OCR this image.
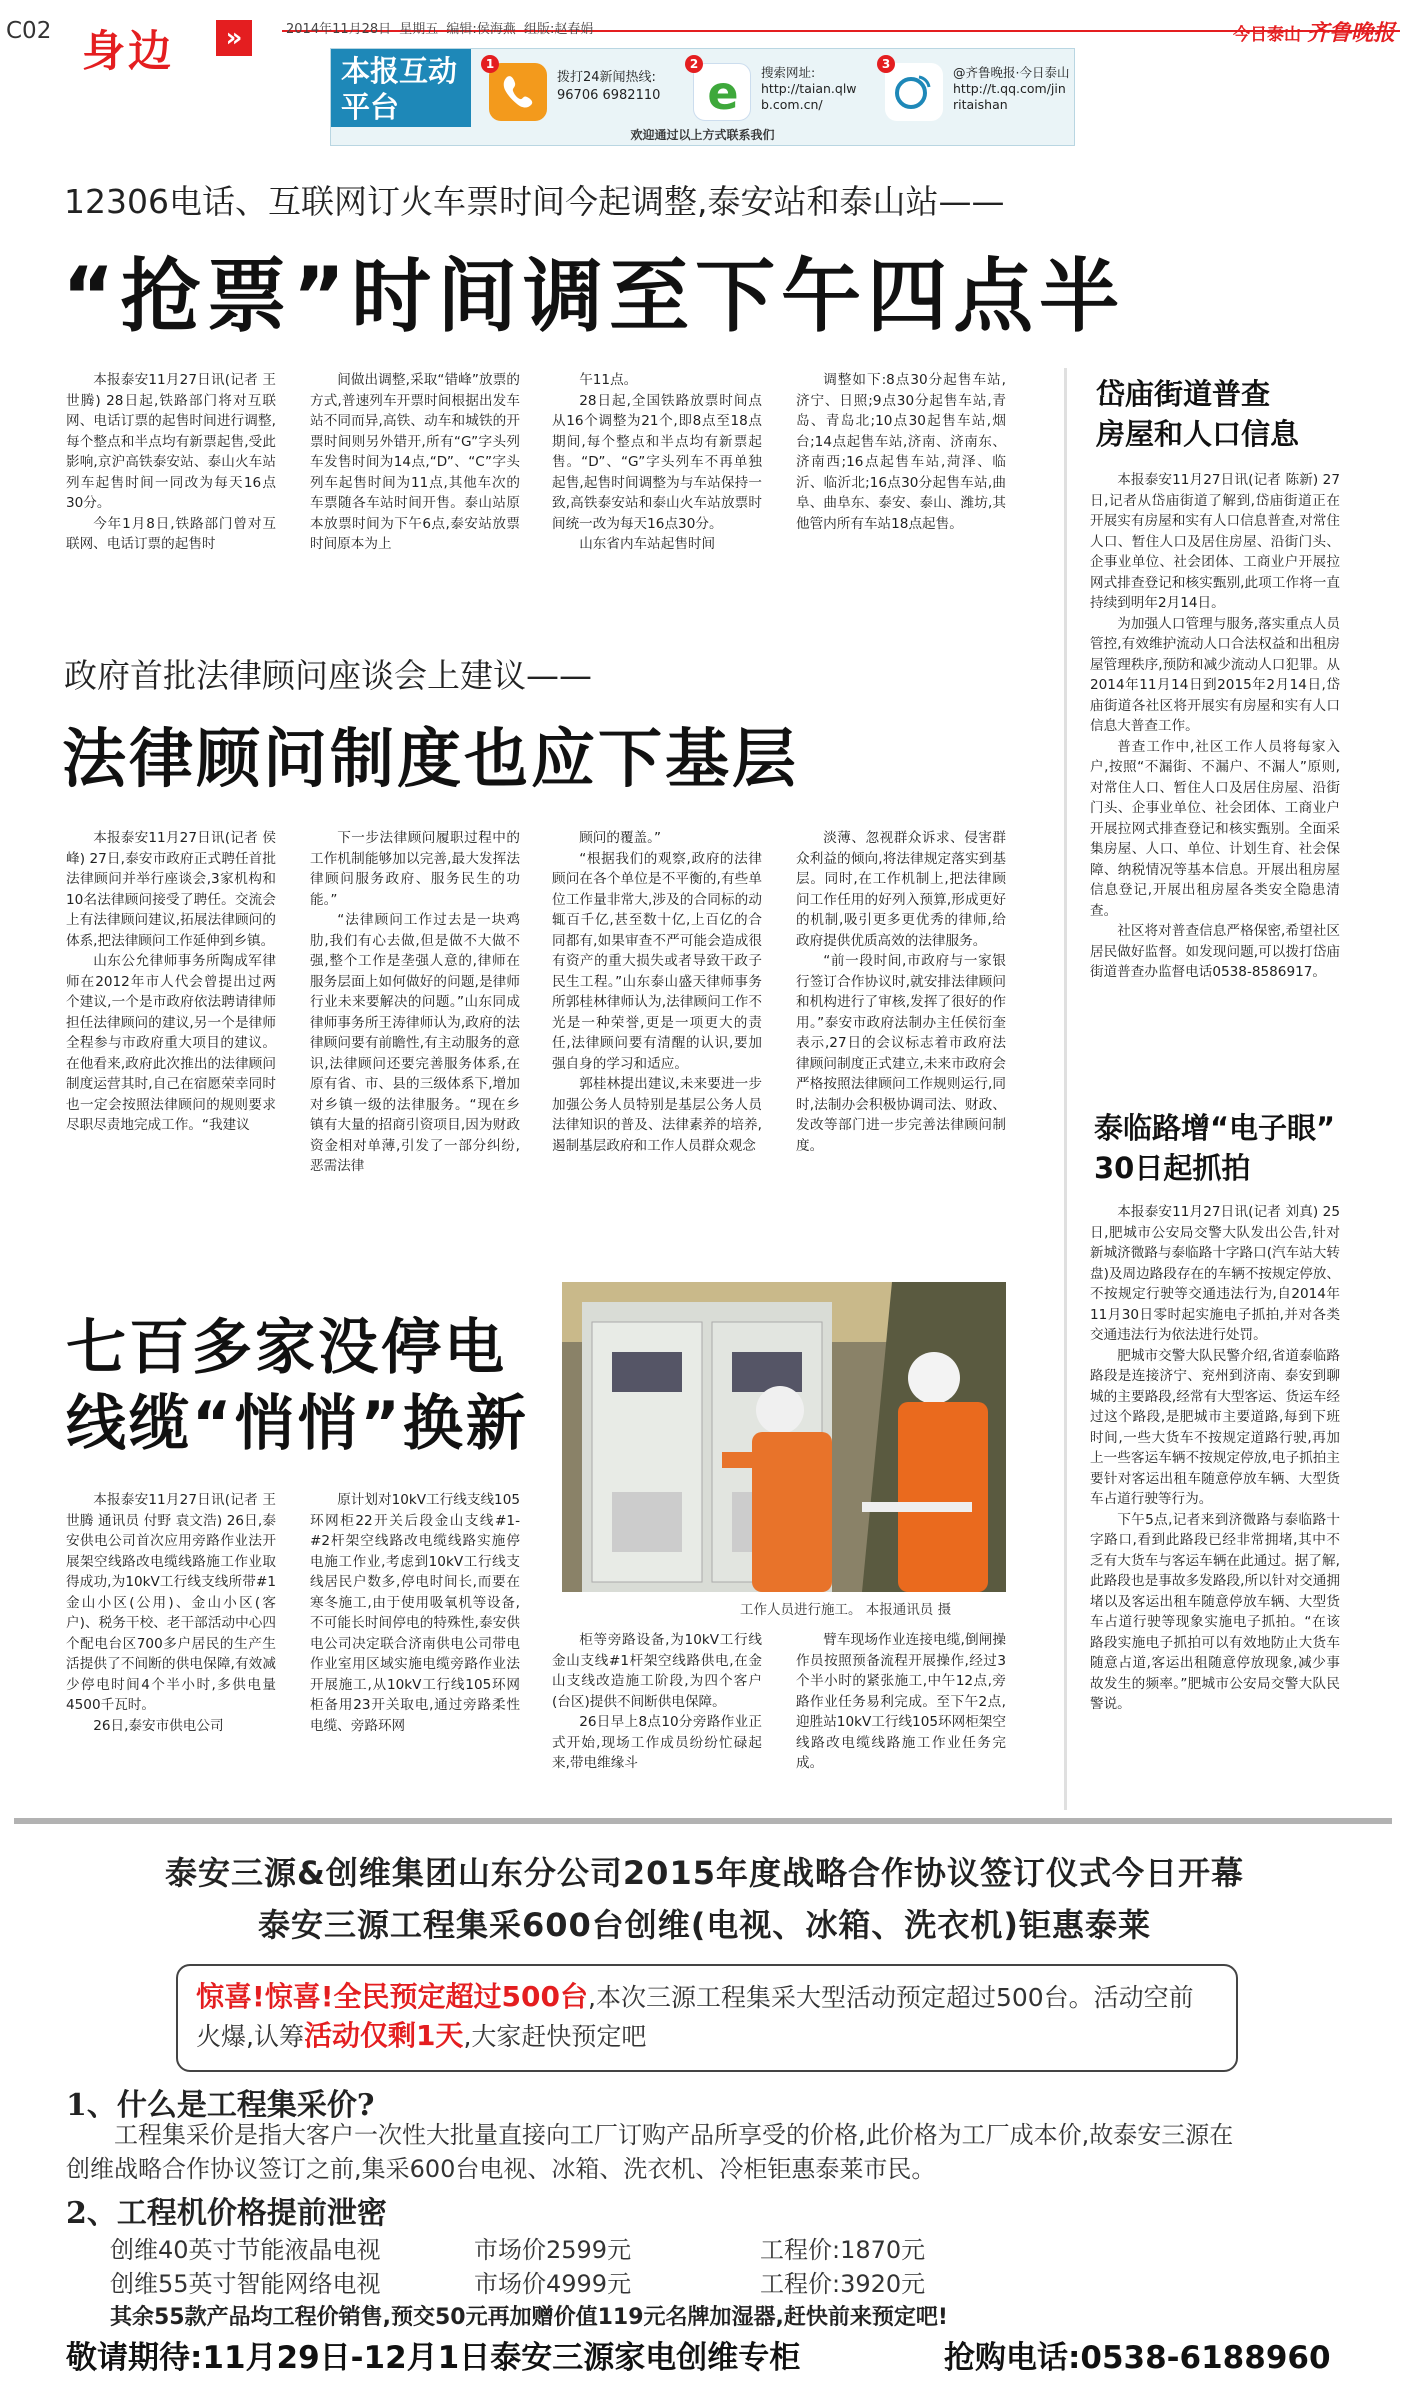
C02 身边	»	2014年11月28日 星期五 编辑:侯海燕 组版:赵春娟	今日泰山 齐鲁晚报
本报互动平台
1
拨打24新闻热线:
96706 6982110 e
2
搜索网址:
http://taian.qlw
b.com.cn/
3
@齐鲁晚报·今日泰山
http://t.qq.com/jin
ritaishan
欢迎通过以上方式联系我们
12306电话、互联网订火车票时间今起调整,泰安站和泰山站——
“抢票”时间调至下午四点半

本报泰安11月27日讯(记者 王世腾) 28日起,铁路部门将对互联网、电话订票的起售时间进行调整,每个整点和半点均有新票起售,受此影响,京沪高铁泰安站、泰山火车站列车起售时间一同改为每天16点30分。

今年1月8日,铁路部门曾对互联网、电话订票的起售时

间做出调整,采取“错峰”放票的方式,普速列车开票时间根据出发车站不同而异,高铁、动车和城铁的开票时间则另外错开,所有“G”字头列车发售时间为14点,“D”、“C”字头列车起售时间为11点,其他车次的车票随各车站时间开售。泰山站原本放票时间为下午6点,泰安站放票时间原本为上

午11点。

28日起,全国铁路放票时间点从16个调整为21个,即8点至18点期间,每个整点和半点均有新票起售。“D”、“G”字头列车不再单独起售,起售时间调整为与车站保持一致,高铁泰安站和泰山火车站放票时间统一改为每天16点30分。

山东省内车站起售时间

调整如下:8点30分起售车站,济宁、日照;9点30分起售车站,青岛、青岛北;10点30起售车站,烟台;14点起售车站,济南、济南东、济南西;16点起售车站,菏泽、临沂、临沂北;16点30分起售车站,曲阜、曲阜东、泰安、泰山、潍坊,其他管内所有车站18点起售。

政府首批法律顾问座谈会上建议——
法律顾问制度也应下基层

本报泰安11月27日讯(记者 侯峰) 27日,泰安市政府正式聘任首批法律顾问并举行座谈会,3家机构和10名法律顾问接受了聘任。交流会上有法律顾问建议,拓展法律顾问的体系,把法律顾问工作延伸到乡镇。

山东公允律师事务所陶成军律师在2012年市人代会曾提出过两个建议,一个是市政府依法聘请律师担任法律顾问的建议,另一个是律师全程参与市政府重大项目的建议。在他看来,政府此次推出的法律顾问制度运营其时,自己在宿愿荣幸同时也一定会按照法律顾问的规则要求尽职尽责地完成工作。“我建议

下一步法律顾问履职过程中的工作机制能够加以完善,最大发挥法律顾问服务政府、服务民生的功能。”

“法律顾问工作过去是一块鸡肋,我们有心去做,但是做不大做不强,整个工作是垄强人意的,律师在服务层面上如何做好的问题,是律师行业未来要解决的问题。”山东同成律师事务所王涛律师认为,政府的法律顾问要有前瞻性,有主动服务的意识,法律顾问还要完善服务体系,在原有省、市、县的三级体系下,增加对乡镇一级的法律服务。“现在乡镇有大量的招商引资项目,因为财政资金相对单薄,引发了一部分纠纷,恶需法律

顾问的覆盖。”

“根据我们的观察,政府的法律顾问在各个单位是不平衡的,有些单位工作量非常大,涉及的合同标的动辄百千亿,甚至数十亿,上百亿的合同都有,如果审查不严可能会造成很有资产的重大损失或者导致干政子民生工程。”山东泰山盛天律师事务所郭桂林律师认为,法律顾问工作不光是一种荣誉,更是一项更大的责任,法律顾问要有清醒的认识,要加强自身的学习和适应。

郭桂林提出建议,未来要进一步加强公务人员特别是基层公务人员法律知识的普及、法律素养的培养,遏制基层政府和工作人员群众观念

淡薄、忽视群众诉求、侵害群众利益的倾向,将法律规定落实到基层。同时,在工作机制上,把法律顾问工作任用的好列入预算,形成更好的机制,吸引更多更优秀的律师,给政府提供优质高效的法律服务。

“前一段时间,市政府与一家银行签订合作协议时,就安排法律顾问和机构进行了审核,发挥了很好的作用。”泰安市政府法制办主任侯衍奎表示,27日的会议标志着市政府法律顾问制度正式建立,未来市政府会严格按照法律顾问工作规则运行,同时,法制办会积极协调司法、财政、发改等部门进一步完善法律顾问制度。

七百多家没停电
线缆“悄悄”换新
工作人员进行施工。 本报通讯员 摄

本报泰安11月27日讯(记者 王世腾 通讯员 付野 袁文浩) 26日,泰安供电公司首次应用旁路作业法开展架空线路改电缆线路施工作业取得成功,为10kV工行线支线所带#1金山小区(公用)、金山小区(客户)、税务干校、老干部活动中心四个配电台区700多户居民的生产生活提供了不间断的供电保障,有效减少停电时间4个半小时,多供电量4500千瓦时。

26日,泰安市供电公司

原计划对10kV工行线支线105环网柜22开关后段金山支线#1-#2杆架空线路改电缆线路实施停电施工作业,考虑到10kV工行线支线居民户数多,停电时间长,而要在寒冬施工,由于使用吸氧机等设备,不可能长时间停电的特殊性,泰安供电公司决定联合济南供电公司带电作业室用区域实施电缆旁路作业法开展施工,从10kV工行线105环网柜备用23开关取电,通过旁路柔性电缆、旁路环网

柜等旁路设备,为10kV工行线金山支线#1杆架空线路供电,在金山支线改造施工阶段,为四个客户(台区)提供不间断供电保障。

26日早上8点10分旁路作业正式开始,现场工作成员纷纷忙碌起来,带电维缘斗

臂车现场作业连接电缆,倒闸操作员按照预备流程开展操作,经过3个半小时的紧张施工,中午12点,旁路作业任务易利完成。至下午2点,迎胜站10kV工行线105环网柜架空线路改电缆线路施工作业任务完成。

岱庙街道普查
房屋和人口信息

本报泰安11月27日讯(记者 陈新) 27日,记者从岱庙街道了解到,岱庙街道正在开展实有房屋和实有人口信息普查,对常住人口、暂住人口及居住房屋、沿街门头、企事业单位、社会团体、工商业户开展拉网式排查登记和核实甄别,此项工作将一直持续到明年2月14日。

为加强人口管理与服务,落实重点人员管控,有效维护流动人口合法权益和出租房屋管理秩序,预防和减少流动人口犯罪。从2014年11月14日到2015年2月14日,岱庙街道各社区将开展实有房屋和实有人口信息大普查工作。

普查工作中,社区工作人员将每家入户,按照“不漏街、不漏户、不漏人”原则,对常住人口、暂住人口及居住房屋、沿街门头、企事业单位、社会团体、工商业户开展拉网式排查登记和核实甄别。全面采集房屋、人口、单位、计划生育、社会保障、纳税情况等基本信息。开展出租房屋信息登记,开展出租房屋各类安全隐患清查。

社区将对普查信息严格保密,希望社区居民做好监督。如发现问题,可以拨打岱庙街道普查办监督电话0538-8586917。

泰临路增“电子眼”
30日起抓拍

本报泰安11月27日讯(记者 刘真) 25日,肥城市公安局交警大队发出公告,针对新城济微路与泰临路十字路口(汽车站大转盘)及周边路段存在的车辆不按规定停放、不按规定行驶等交通违法行为,自2014年11月30日零时起实施电子抓拍,并对各类交通违法行为依法进行处罚。

肥城市交警大队民警介绍,省道泰临路路段是连接济宁、兖州到济南、泰安到聊城的主要路段,经常有大型客运、货运车经过这个路段,是肥城市主要道路,每到下班时间,一些大货车不按规定道路行驶,再加上一些客运车辆不按规定停放,电子抓拍主要针对客运出租车随意停放车辆、大型货车占道行驶等行为。

下午5点,记者来到济微路与泰临路十字路口,看到此路段已经非常拥堵,其中不乏有大货车与客运车辆在此通过。据了解,此路段也是事故多发路段,所以针对交通拥堵以及客运出租车随意停放车辆、大型货车占道行驶等现象实施电子抓拍。“在该路段实施电子抓拍可以有效地防止大货车随意占道,客运出租随意停放现象,减少事故发生的频率。”肥城市公安局交警大队民警说。

泰安三源&创维集团山东分公司2015年度战略合作协议签订仪式今日开幕
泰安三源工程集采600台创维(电视、冰箱、洗衣机)钜惠泰莱
惊喜!惊喜!全民预定超过500台,本次三源工程集采大型活动预定超过500台。活动空前火爆,认筹活动仅剩1天,大家赶快预定吧
1、什么是工程集采价?
工程集采价是指大客户一次性大批量直接向工厂订购产品所享受的价格,此价格为工厂成本价,故泰安三源在创维战略合作协议签订之前,集采600台电视、冰箱、洗衣机、冷柜钜惠泰莱市民。
2、工程机价格提前泄密
创维40英寸节能液晶电视	市场价2599元	工程价:1870元
创维55英寸智能网络电视	市场价4999元	工程价:3920元
其余55款产品均工程价销售,预交50元再加赠价值119元名牌加湿器,赶快前来预定吧!
敬请期待:11月29日-12月1日泰安三源家电创维专柜	抢购电话:0538-6188960
